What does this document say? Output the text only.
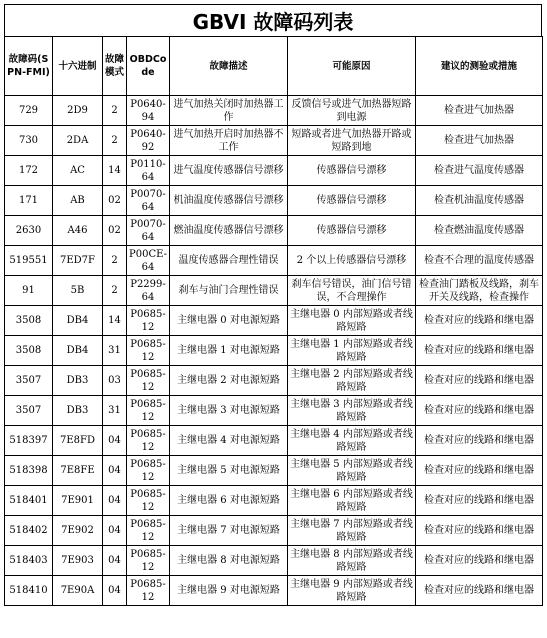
GBVI 故障码列表
故障码(SPN-FMI)	十六进制	故障模式	OBDCode	故障描述	可能原因	建议的测验或措施
729	2D9	2	P0640-94	进气加热关闭时加热器工作	反馈信号或进气加热器短路到电源	检查进气加热器
730	2DA	2	P0640-92	进气加热开启时加热器不工作	短路或者进气加热器开路或短路到地	检查进气加热器
172	AC	14	P0110-64	进气温度传感器信号漂移	传感器信号漂移	检查进气温度传感器
171	AB	02	P0070-64	机油温度传感器信号漂移	传感器信号漂移	检查机油温度传感器
2630	A46	02	P0070-64	燃油温度传感器信号漂移	传感器信号漂移	检查燃油温度传感器
519551	7ED7F	2	P00CE-64	温度传感器合理性错误	2 个以上传感器信号漂移	检查不合理的温度传感器
91	5B	2	P2299-64	刹车与油门合理性错误	刹车信号错误，油门信号错误，不合理操作	检查油门踏板及线路，刹车开关及线路，检查操作
3508	DB4	14	P0685-12	主继电器 0 对电源短路	主继电器 0 内部短路或者线路短路	检查对应的线路和继电器
3508	DB4	31	P0685-12	主继电器 1 对电源短路	主继电器 1 内部短路或者线路短路	检查对应的线路和继电器
3507	DB3	03	P0685-12	主继电器 2 对电源短路	主继电器 2 内部短路或者线路短路	检查对应的线路和继电器
3507	DB3	31	P0685-12	主继电器 3 对电源短路	主继电器 3 内部短路或者线路短路	检查对应的线路和继电器
518397	7E8FD	04	P0685-12	主继电器 4 对电源短路	主继电器 4 内部短路或者线路短路	检查对应的线路和继电器
518398	7E8FE	04	P0685-12	主继电器 5 对电源短路	主继电器 5 内部短路或者线路短路	检查对应的线路和继电器
518401	7E901	04	P0685-12	主继电器 6 对电源短路	主继电器 6 内部短路或者线路短路	检查对应的线路和继电器
518402	7E902	04	P0685-12	主继电器 7 对电源短路	主继电器 7 内部短路或者线路短路	检查对应的线路和继电器
518403	7E903	04	P0685-12	主继电器 8 对电源短路	主继电器 8 内部短路或者线路短路	检查对应的线路和继电器
518410	7E90A	04	P0685-12	主继电器 9 对电源短路	主继电器 9 内部短路或者线路短路	检查对应的线路和继电器
